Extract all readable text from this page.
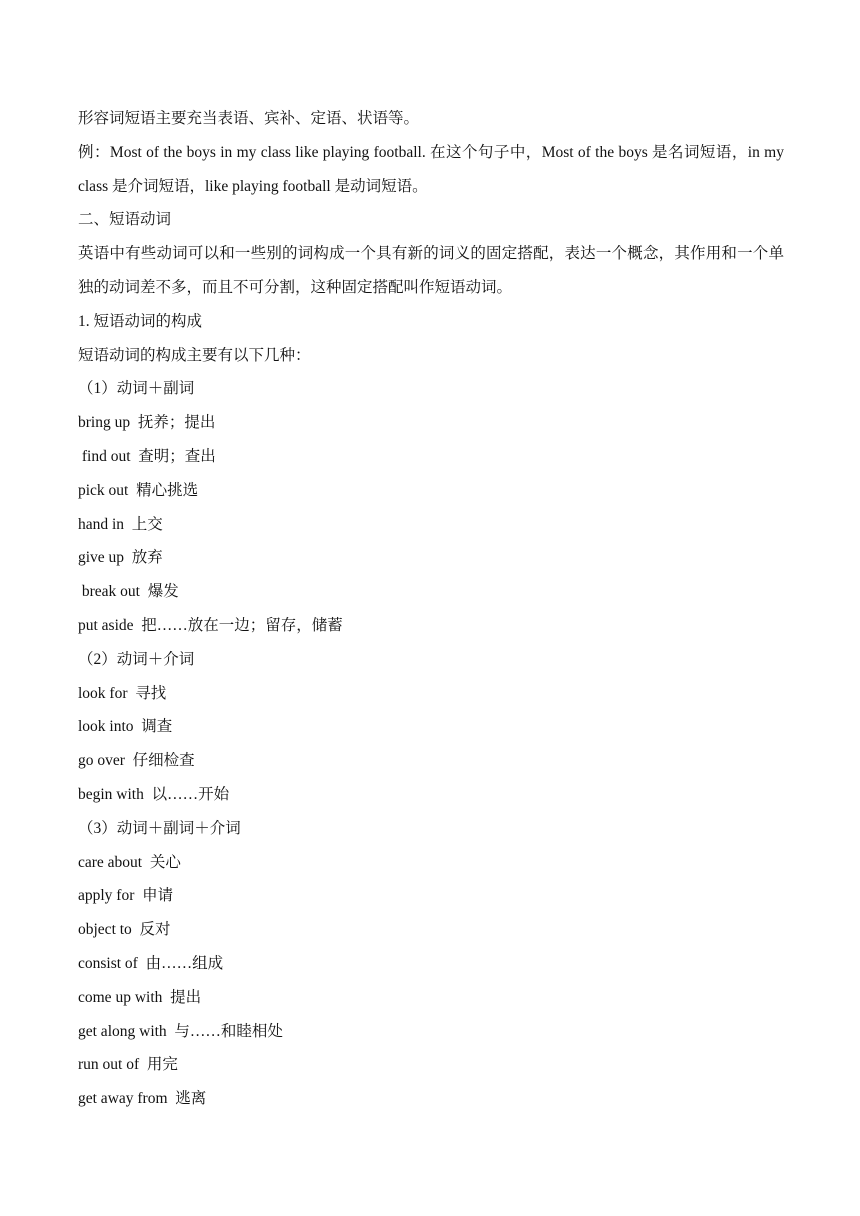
形容词短语主要充当表语、宾补、定语、状语等。
例：Most of the boys in my class like playing football. 在这个句子中，Most of the boys 是名词短语，in my class 是介词短语，like playing football 是动词短语。
二、短语动词
英语中有些动词可以和一些别的词构成一个具有新的词义的固定搭配，表达一个概念，其作用和一个单独的动词差不多，而且不可分割，这种固定搭配叫作短语动词。
1. 短语动词的构成
短语动词的构成主要有以下几种：
（1）动词＋副词
bring up  抚养；提出
find out  查明；查出
pick out  精心挑选
hand in  上交
give up  放弃
break out  爆发
put aside  把……放在一边；留存，储蓄
（2）动词＋介词
look for  寻找
look into  调查
go over  仔细检查
begin with  以……开始
（3）动词＋副词＋介词
care about  关心
apply for  申请
object to  反对
consist of  由……组成
come up with  提出
get along with  与……和睦相处
run out of  用完
get away from  逃离
